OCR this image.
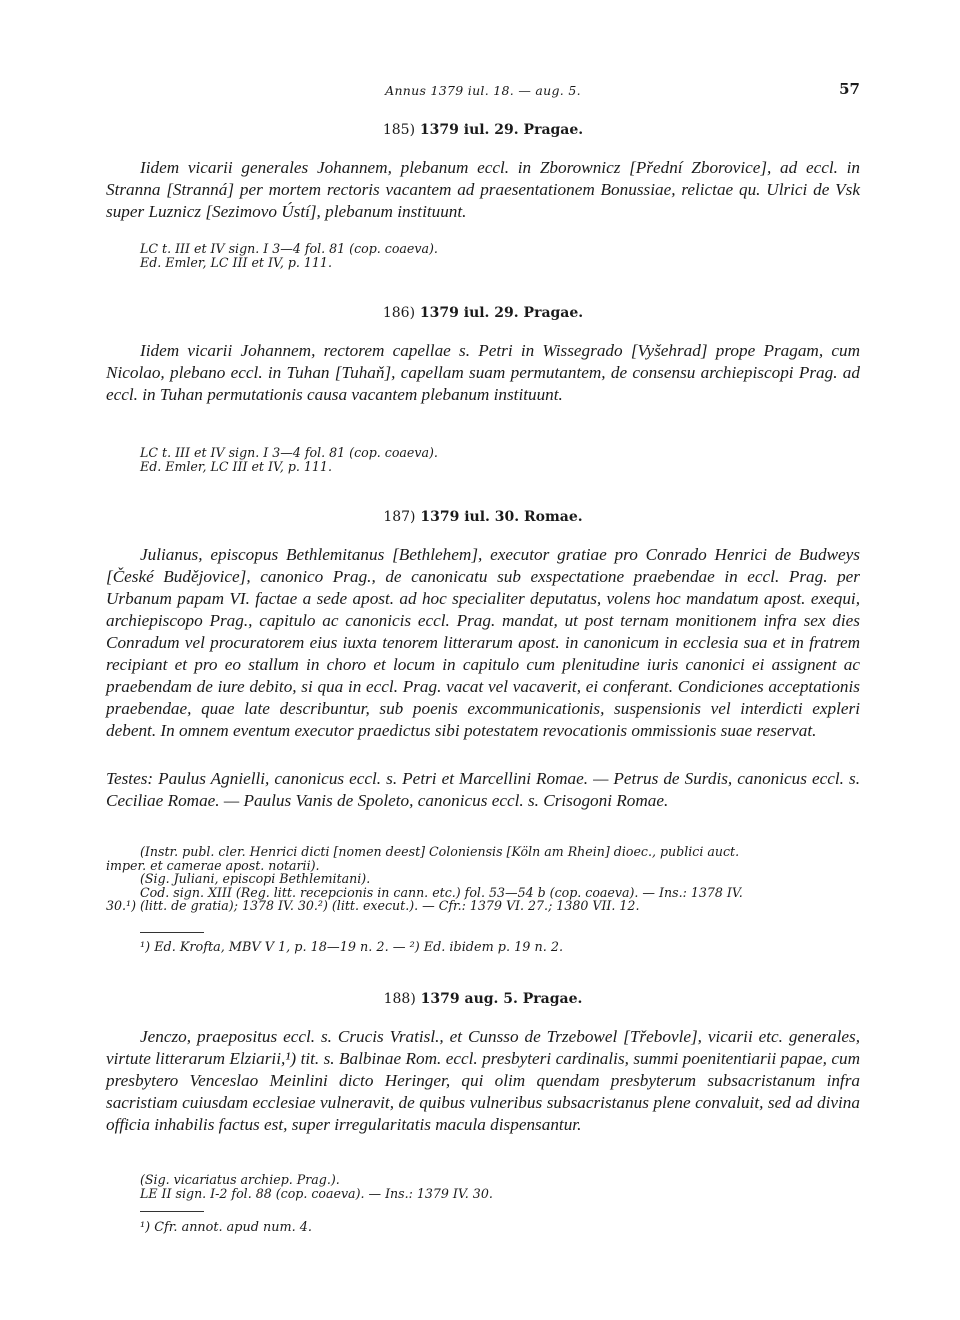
Annus 1379 iul. 18. — aug. 5.	57
185) 1379 iul. 29. Pragae.

Iidem vicarii generales Johannem, plebanum eccl. in Zborownicz [Přední Zborovice], ad eccl. in Stranna [Stranná] per mortem rectoris vacantem ad praesentationem Bonussiae, relictae qu. Ulrici de Vsk super Luznicz [Sezimovo Ústí], plebanum instituunt.

LC t. III et IV sign. I 3—4 fol. 81 (cop. coaeva).
Ed. Emler, LC III et IV, p. 111.
186) 1379 iul. 29. Pragae.

Iidem vicarii Johannem, rectorem capellae s. Petri in Wissegrado [Vyšehrad] prope Pragam, cum Nicolao, plebano eccl. in Tuhan [Tuhaň], capellam suam permutantem, de consensu archiepiscopi Prag. ad eccl. in Tuhan permutationis causa vacantem plebanum instituunt.

LC t. III et IV sign. I 3—4 fol. 81 (cop. coaeva).
Ed. Emler, LC III et IV, p. 111.
187) 1379 iul. 30. Romae.

Julianus, episcopus Bethlemitanus [Bethlehem], executor gratiae pro Conrado Henrici de Budweys [České Budějovice], canonico Prag., de canonicatu sub exspectatione praebendae in eccl. Prag. per Urbanum papam VI. factae a sede apost. ad hoc specialiter deputatus, volens hoc mandatum apost. exequi, archiepiscopo Prag., capitulo ac canonicis eccl. Prag. mandat, ut post ternam monitionem infra sex dies Conradum vel procuratorem eius iuxta tenorem litterarum apost. in canonicum in ecclesia sua et in fratrem recipiant et pro eo stallum in choro et locum in capitulo cum plenitudine iuris canonici ei assignent ac praebendam de iure debito, si qua in eccl. Prag. vacat vel vacaverit, ei conferant. Condiciones acceptationis praebendae, quae late describuntur, sub poenis excommunicationis, suspensionis vel interdicti expleri debent. In omnem eventum executor praedictus sibi potestatem revocationis ommissionis suae reservat.

Testes: Paulus Agnielli, canonicus eccl. s. Petri et Marcellini Romae. — Petrus de Surdis, canonicus eccl. s. Ceciliae Romae. — Paulus Vanis de Spoleto, canonicus eccl. s. Crisogoni Romae.

(Instr. publ. cler. Henrici dicti [nomen deest] Coloniensis [Köln am Rhein] dioec., publici auct.
imper. et camerae apost. notarii).
(Sig. Juliani, episcopi Bethlemitani).
Cod. sign. XIII (Reg. litt. recepcionis in cann. etc.) fol. 53—54 b (cop. coaeva). — Ins.: 1378 IV.
30.¹) (litt. de gratia); 1378 IV. 30.²) (litt. execut.). — Cfr.: 1379 VI. 27.; 1380 VII. 12.
¹) Ed. Krofta, MBV V 1, p. 18—19 n. 2. — ²) Ed. ibidem p. 19 n. 2.
188) 1379 aug. 5. Pragae.

Jenczo, praepositus eccl. s. Crucis Vratisl., et Cunsso de Trzebowel [Třebovle], vicarii etc. generales, virtute litterarum Elziarii,¹) tit. s. Balbinae Rom. eccl. presbyteri cardinalis, summi poenitentiarii papae, cum presbytero Venceslao Meinlini dicto Heringer, qui olim quendam presbyterum subsacristanum infra sacristiam cuiusdam ecclesiae vulneravit, de quibus vulneribus subsacristanus plene convaluit, sed ad divina officia inhabilis factus est, super irregularitatis macula dispensantur.

(Sig. vicariatus archiep. Prag.).
LE II sign. I-2 fol. 88 (cop. coaeva). — Ins.: 1379 IV. 30.
¹) Cfr. annot. apud num. 4.
